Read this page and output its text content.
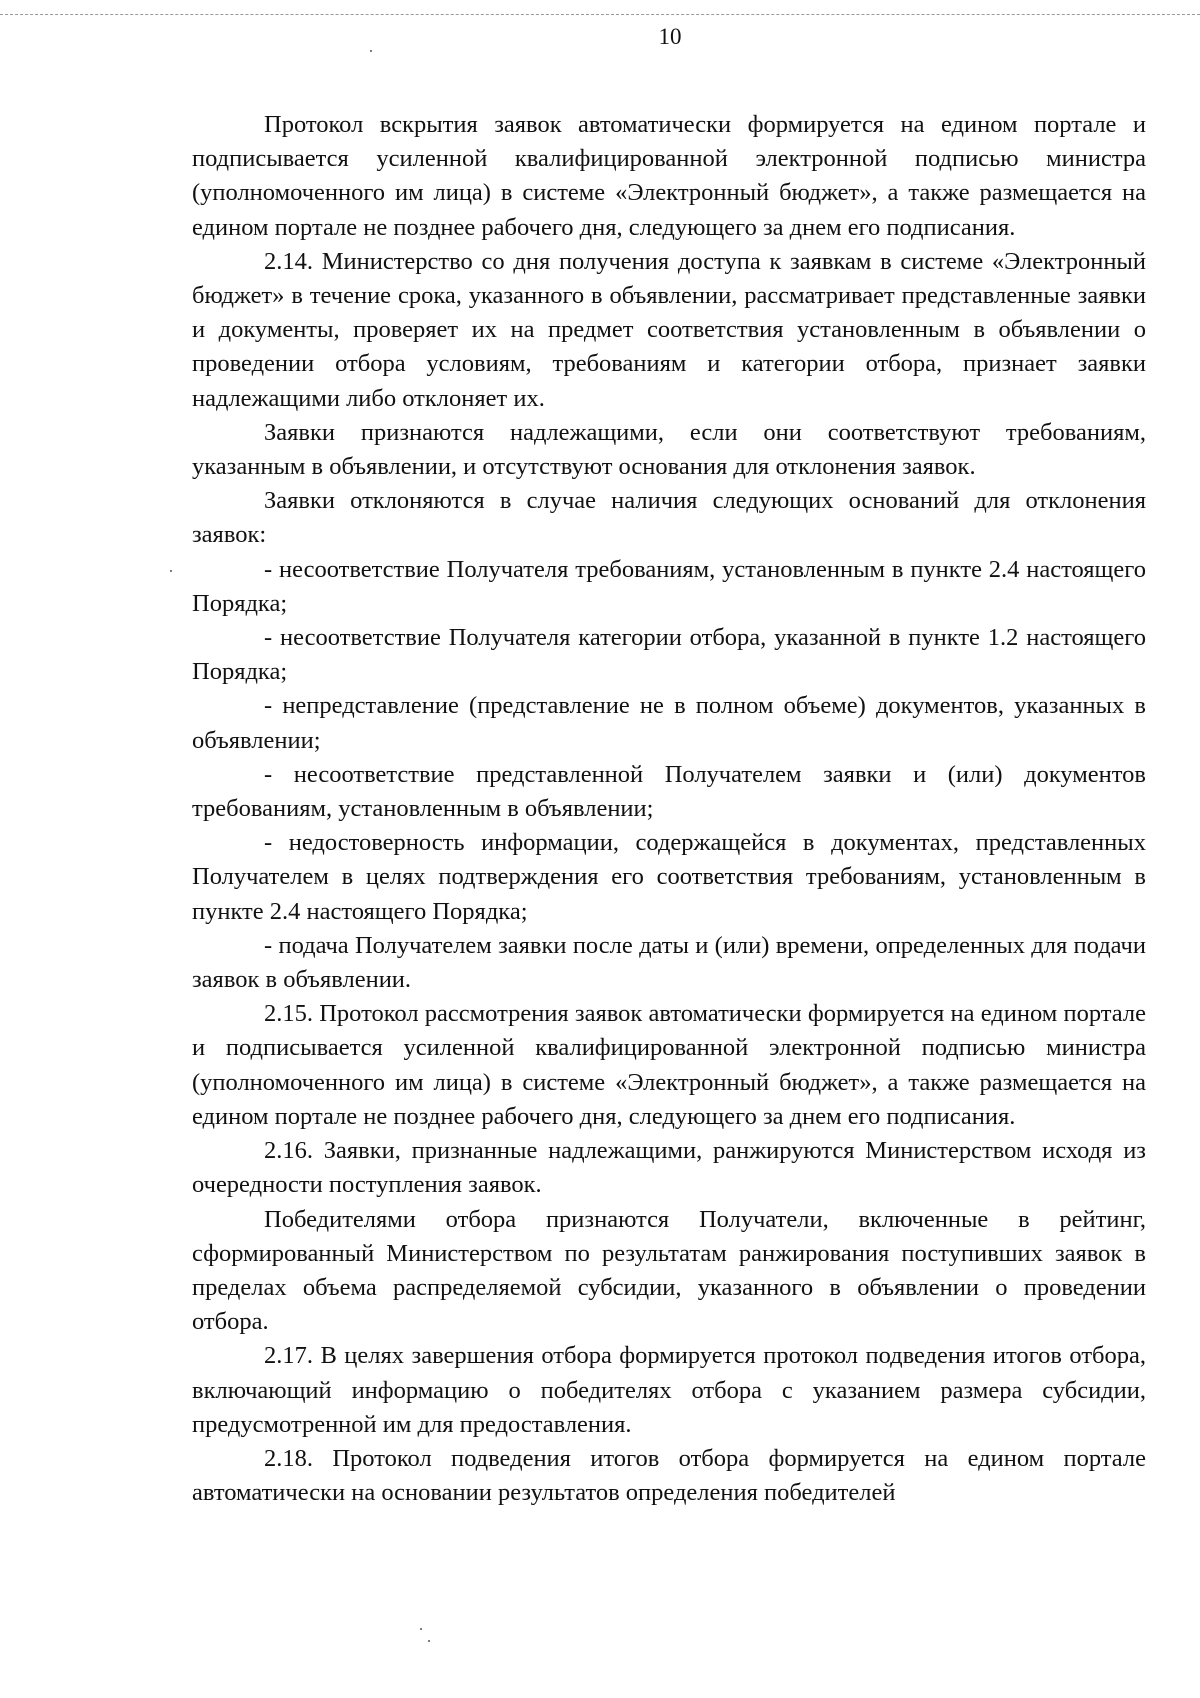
10

Протокол вскрытия заявок автоматически формируется на едином портале и подписывается усиленной квалифицированной электронной подписью министра (уполномоченного им лица) в системе «Электронный бюджет», а также размещается на едином портале не позднее рабочего дня, следующего за днем его подписания.

2.14. Министерство со дня получения доступа к заявкам в системе «Электронный бюджет» в течение срока, указанного в объявлении, рассматривает представленные заявки и документы, проверяет их на предмет соответствия установленным в объявлении о проведении отбора условиям, требованиям и категории отбора, признает заявки надлежащими либо отклоняет их.

Заявки признаются надлежащими, если они соответствуют требованиям, указанным в объявлении, и отсутствуют основания для отклонения заявок.

Заявки отклоняются в случае наличия следующих оснований для отклонения заявок:

- несоответствие Получателя требованиям, установленным в пункте 2.4 настоящего Порядка;

- несоответствие Получателя категории отбора, указанной в пункте 1.2 настоящего Порядка;

- непредставление (представление не в полном объеме) документов, указанных в объявлении;

- несоответствие представленной Получателем заявки и (или) документов требованиям, установленным в объявлении;

- недостоверность информации, содержащейся в документах, представленных Получателем в целях подтверждения его соответствия требованиям, установленным в пункте 2.4 настоящего Порядка;

- подача Получателем заявки после даты и (или) времени, определенных для подачи заявок в объявлении.

2.15. Протокол рассмотрения заявок автоматически формируется на едином портале и подписывается усиленной квалифицированной электронной подписью министра (уполномоченного им лица) в системе «Электронный бюджет», а также размещается на едином портале не позднее рабочего дня, следующего за днем его подписания.

2.16. Заявки, признанные надлежащими, ранжируются Министерством исходя из очередности поступления заявок.

Победителями отбора признаются Получатели, включенные в рейтинг, сформированный Министерством по результатам ранжирования поступивших заявок в пределах объема распределяемой субсидии, указанного в объявлении о проведении отбора.

2.17. В целях завершения отбора формируется протокол подведения итогов отбора, включающий информацию о победителях отбора с указанием размера субсидии, предусмотренной им для предоставления.

2.18. Протокол подведения итогов отбора формируется на едином портале автоматически на основании результатов определения победителей
